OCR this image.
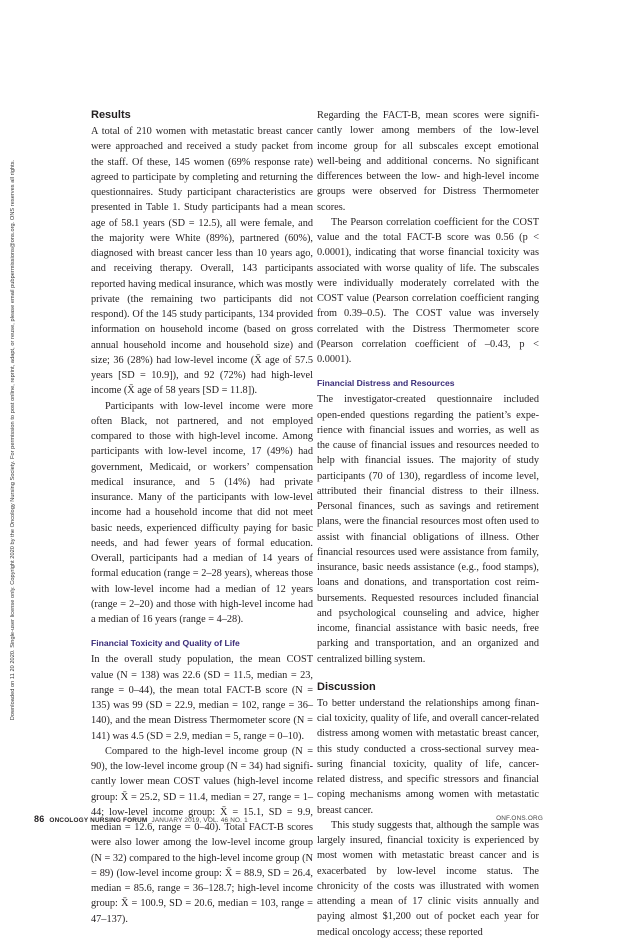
Downloaded on 11 20 2020. Single-user license only. Copyright 2020 by the Oncology Nursing Society. For permission to post online, reprint, adapt, or reuse, please email pubpermissions@ons.org. ONS reserves all rights.
Results

A total of 210 women with metastatic breast cancer were approached and received a study packet from the staff. Of these, 145 women (69% response rate) agreed to participate by completing and returning the questionnaires. Study participant characteristics are presented in Table 1. Study participants had a mean age of 58.1 years (SD = 12.5), all were female, and the majority were White (89%), partnered (60%), diagnosed with breast cancer less than 10 years ago, and receiving therapy. Overall, 143 participants reported having medical insurance, which was mostly private (the remaining two participants did not respond). Of the 145 study participants, 134 provided information on household income (based on gross annual household income and household size) and size; 36 (28%) had low-level income (X̄ age of 57.5 years [SD = 10.9]), and 92 (72%) had high-level income (X̄ age of 58 years [SD = 11.8]).

Participants with low-level income were more often Black, not partnered, and not employed compared to those with high-level income. Among participants with low-level income, 17 (49%) had government, Medicaid, or workers’ compensation medical insurance, and 5 (14%) had private insurance. Many of the participants with low-level income had a household income that did not meet basic needs, experienced difficulty paying for basic needs, and had fewer years of formal education. Overall, participants had a median of 14 years of formal education (range = 2–28 years), whereas those with low-level income had a median of 12 years (range = 2–20) and those with high-level income had a median of 16 years (range = 4–28).

Financial Toxicity and Quality of Life

In the overall study population, the mean COST value (N = 138) was 22.6 (SD = 11.5, median = 23, range = 0–44), the mean total FACT-B score (N = 135) was 99 (SD = 22.9, median = 102, range = 36–140), and the mean Distress Thermometer score (N = 141) was 4.5 (SD = 2.9, median = 5, range = 0–10).

Compared to the high-level income group (N = 90), the low-level income group (N = 34) had significantly lower mean COST values (high-level income group: X̄ = 25.2, SD = 11.4, median = 27, range = 1–44; low-level income group: X̄ = 15.1, SD = 9.9, median = 12.6, range = 0–40). Total FACT-B scores were also lower among the low-level income group (N = 32) compared to the high-level income group (N = 89) (low-level income group: X̄ = 88.9, SD = 26.4, median = 85.6, range = 36–128.7; high-level income group: X̄ = 100.9, SD = 20.6, median = 103, range = 47–137).

Regarding the FACT-B, mean scores were significantly lower among members of the low-level income group for all subscales except emotional well-being and additional concerns. No significant differences between the low- and high-level income groups were observed for Distress Thermometer scores.

The Pearson correlation coefficient for the COST value and the total FACT-B score was 0.56 (p < 0.0001), indicating that worse financial toxicity was associated with worse quality of life. The subscales were individually moderately correlated with the COST value (Pearson correlation coefficient ranging from 0.39–0.5). The COST value was inversely correlated with the Distress Thermometer score (Pearson correlation coefficient of –0.43, p < 0.0001).

Financial Distress and Resources

The investigator-created questionnaire included open-ended questions regarding the patient’s experience with financial issues and worries, as well as the cause of financial issues and resources needed to help with financial issues. The majority of study participants (70 of 130), regardless of income level, attributed their financial distress to their illness. Personal finances, such as savings and retirement plans, were the financial resources most often used to assist with financial obligations of illness. Other financial resources used were assistance from family, insurance, basic needs assistance (e.g., food stamps), loans and donations, and transportation cost reimbursements. Requested resources included financial and psychological counseling and advice, higher income, financial assistance with basic needs, free parking and transportation, and an organized and centralized billing system.

Discussion

To better understand the relationships among financial toxicity, quality of life, and overall cancer-related distress among women with metastatic breast cancer, this study conducted a cross-sectional survey measuring financial toxicity, quality of life, cancer-related distress, and specific stressors and financial coping mechanisms among women with metastatic breast cancer.

This study suggests that, although the sample was largely insured, financial toxicity is experienced by most women with metastatic breast cancer and is exacerbated by low-level income status. The chronicity of the costs was illustrated with women attending a mean of 17 clinic visits annually and paying almost $1,200 out of pocket each year for medical oncology access; these reported

86 ONCOLOGY NURSING FORUM JANUARY 2019, VOL. 46 NO. 1	ONF.ONS.ORG
